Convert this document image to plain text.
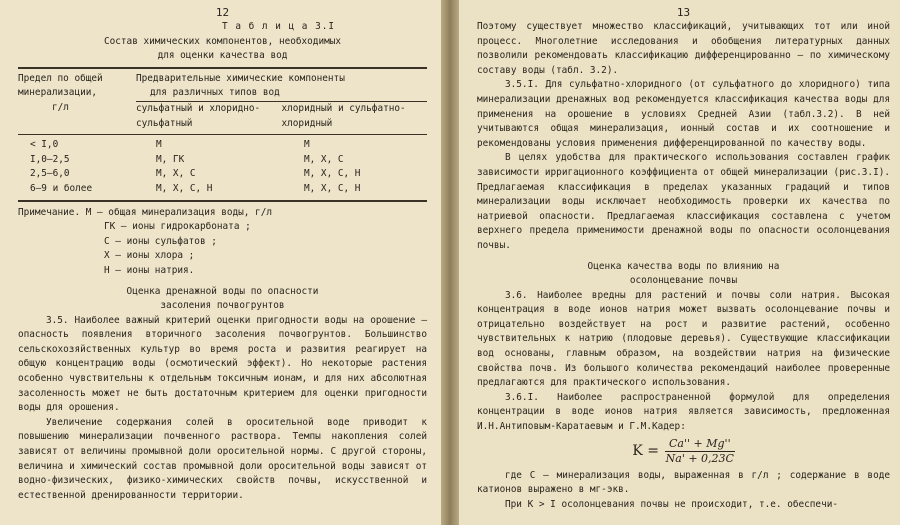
12
Т а б л и ц а 3.I
Состав химических компонентов, необходимых
для оценки качества вод
Предел по общей
минерализации,
г/л
Предварительные химические компоненты
для различных типов вод
сульфатный и хлоридно-
сульфатный
хлоридный и сульфатно-
хлоридный
< I,0	М	М
I,0–2,5	М, ГК	М, Х, С
2,5–6,0	М, Х, С	М, Х, С, Н
6–9 и более	М, Х, С, Н	М, Х, С, Н
Примечание. М – общая минерализация воды, г/л
ГК – ионы гидрокарбоната ;
С – ионы сульфатов ;
Х – ионы хлора ;
Н – ионы натрия.
Оценка дренажной воды по опасности
засоления почвогрунтов

3.5. Наиболее важный критерий оценки пригодности воды на орошение – опасность появления вторичного засоления почвогрунтов. Большинство сельскохозяйственных культур во время роста и развития реагирует на общую концентрацию воды (осмотический эффект). Но некоторые растения особенно чувствительны к отдельным токсичным ионам, и для них абсолютная засоленность может не быть достаточным критерием для оценки пригодности воды для орошения.

Увеличение содержания солей в оросительной воде приводит к повышению минерализации почвенного раствора. Темпы накопления солей зависят от величины промывной доли оросительной нормы. С другой стороны, величина и химический состав промывной доли оросительной воды зависят от водно-физических, физико-химических свойств почвы, искусственной и естественной дренированности территории.

13

Поэтому существует множество классификаций, учитывающих тот или иной процесс. Многолетние исследования и обобщения литературных данных позволили рекомендовать классификацию дифференцированно – по химическому составу воды (табл. 3.2).

3.5.I. Для сульфатно-хлоридного (от сульфатного до хлоридного) типа минерализации дренажных вод рекомендуется классификация качества воды для применения на орошение в условиях Средней Азии (табл.3.2). В ней учитываются общая минерализация, ионный состав и их соотношение и рекомендованы условия применения дифференцированной по качеству воды.

В целях удобства для практического использования составлен график зависимости ирригационного коэффициента от общей минерализации (рис.3.I). Предлагаемая классификация в пределах указанных градаций и типов минерализации воды исключает необходимость проверки их качества по натриевой опасности. Предлагаемая классификация составлена с учетом верхнего предела применимости дренажной воды по опасности осолонцевания почвы.

Оценка качества воды по влиянию на
осолонцевание почвы

3.6. Наиболее вредны для растений и почвы соли натрия. Высокая концентрация в воде ионов натрия может вызвать осолонцевание почвы и отрицательно воздействует на рост и развитие растений, особенно чувствительных к натрию (плодовые деревья). Существующие классификации вод основаны, главным образом, на воздействии натрия на физические свойства почв. Из большого количества рекомендаций наиболее проверенные предлагаются для практического использования.

3.6.I. Наиболее распространенной формулой для определения концентрации в воде ионов натрия является зависимость, предложенная И.Н.Антиповым-Каратаевым и Г.М.Кадер:

$K = \frac{Ca'' + Mg''}{Na' + 0,23C}$

где С – минерализация воды, выраженная в г/л ; содержание в воде катионов выражено в мг-экв.

При К > I осолонцевания почвы не происходит, т.е. обеспечи-
